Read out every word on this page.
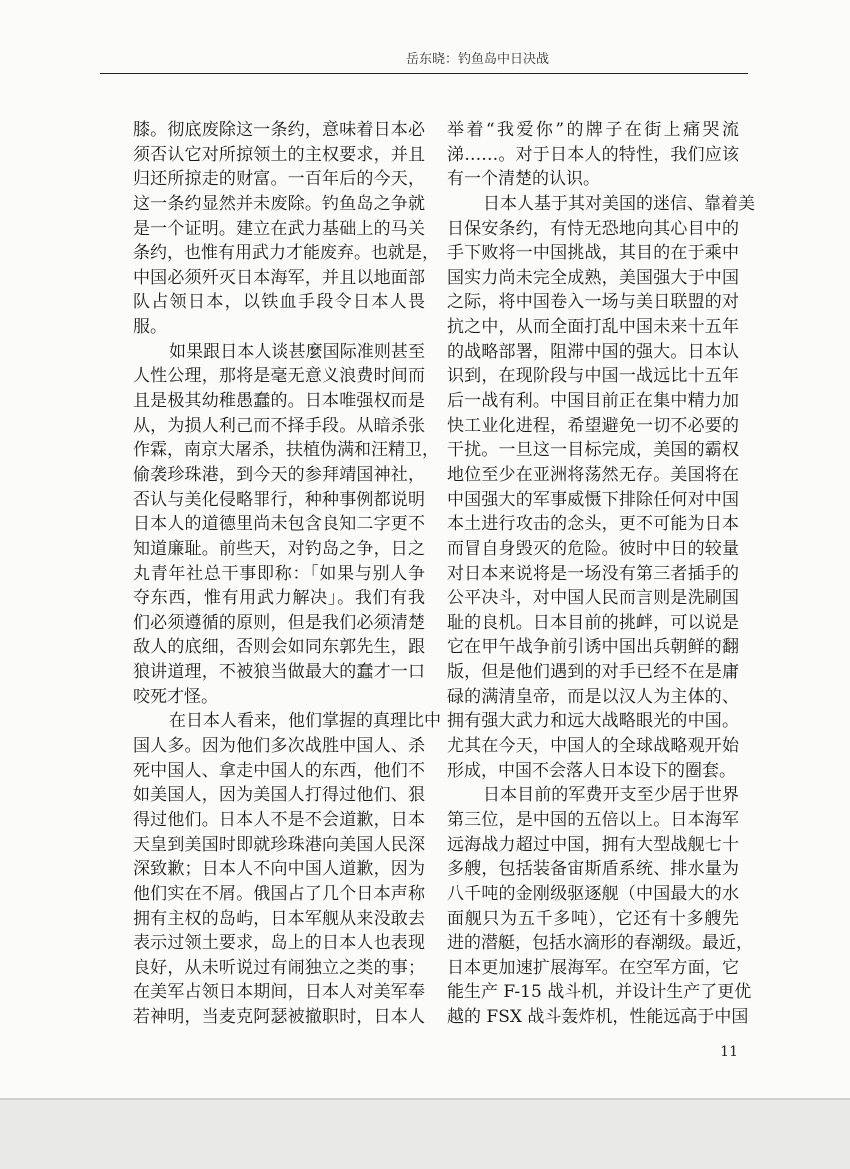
岳东晓：钓鱼岛中日决战
膝。彻底废除这一条约，意味着日本必
须否认它对所掠领土的主权要求，并且
归还所掠走的财富。一百年后的今天，
这一条约显然并未废除。钓鱼岛之争就
是一个证明。建立在武力基础上的马关
条约，也惟有用武力才能废弃。也就是，
中国必须歼灭日本海军，并且以地面部
队占领日本，以铁血手段令日本人畏
服。
如果跟日本人谈甚麼国际准则甚至
人性公理，那将是毫无意义浪费时间而
且是极其幼稚愚蠢的。日本唯强权而是
从，为损人利己而不择手段。从暗杀张
作霖，南京大屠杀，扶植伪满和汪精卫，
偷袭珍珠港，到今天的参拜靖国神社，
否认与美化侵略罪行，种种事例都说明
日本人的道德里尚未包含良知二字更不
知道廉耻。前些天，对钓岛之争，日之
丸青年社总干事即称：「如果与别人争
夺东西，惟有用武力解决」。我们有我
们必须遵循的原则，但是我们必须清楚
敌人的底细，否则会如同东郭先生，跟
狼讲道理，不被狼当做最大的蠢才一口
咬死才怪。
在日本人看来，他们掌握的真理比中
国人多。因为他们多次战胜中国人、杀
死中国人、拿走中国人的东西，他们不
如美国人，因为美国人打得过他们、狠
得过他们。日本人不是不会道歉，日本
天皇到美国时即就珍珠港向美国人民深
深致歉；日本人不向中国人道歉，因为
他们实在不屑。俄国占了几个日本声称
拥有主权的岛屿，日本军舰从来没敢去
表示过领土要求，岛上的日本人也表现
良好，从未听说过有闹独立之类的事；
在美军占领日本期间，日本人对美军奉
若神明，当麦克阿瑟被撤职时，日本人
举着“我爱你”的牌子在街上痛哭流
涕……。对于日本人的特性，我们应该
有一个清楚的认识。
日本人基于其对美国的迷信、靠着美
日保安条约，有恃无恐地向其心目中的
手下败将一中国挑战，其目的在于乘中
国实力尚未完全成熟，美国强大于中国
之际，将中国卷入一场与美日联盟的对
抗之中，从而全面打乱中国未来十五年
的战略部署，阻滞中国的强大。日本认
识到，在现阶段与中国一战远比十五年
后一战有利。中国目前正在集中精力加
快工业化进程，希望避免一切不必要的
干扰。一旦这一目标完成，美国的霸权
地位至少在亚洲将荡然无存。美国将在
中国强大的军事威慑下排除任何对中国
本土进行攻击的念头，更不可能为日本
而冒自身毁灭的危险。彼时中日的较量
对日本来说将是一场没有第三者插手的
公平决斗，对中国人民而言则是洗刷国
耻的良机。日本目前的挑衅，可以说是
它在甲午战争前引诱中国出兵朝鲜的翻
版，但是他们遇到的对手已经不在是庸
碌的满清皇帝，而是以汉人为主体的、
拥有强大武力和远大战略眼光的中国。
尤其在今天，中国人的全球战略观开始
形成，中国不会落人日本设下的圈套。
日本目前的军费开支至少居于世界
第三位，是中国的五倍以上。日本海军
远海战力超过中国，拥有大型战舰七十
多艘，包括装备宙斯盾系统、排水量为
八千吨的金刚级驱逐舰（中国最大的水
面舰只为五千多吨），它还有十多艘先
进的潜艇，包括水滴形的春潮级。最近，
日本更加速扩展海军。在空军方面，它
能生产 F-15 战斗机，并设计生产了更优
越的 FSX 战斗轰炸机，性能远高于中国
11
